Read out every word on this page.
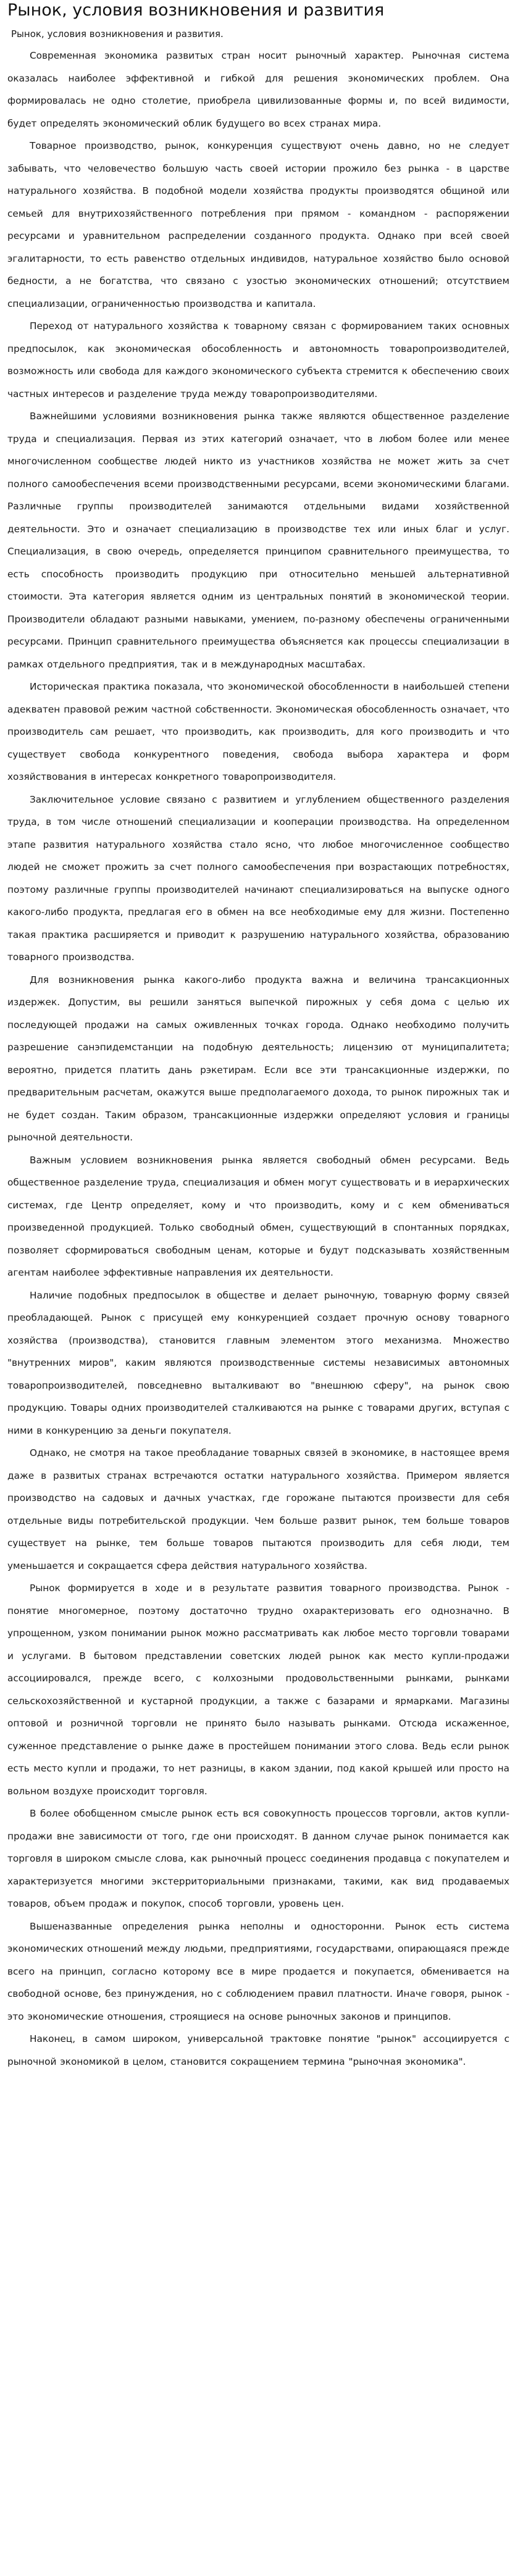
Рынок, условия возникновения и развития

Рынок, условия возникновения и развития.

Современная экономика развитых стран носит рыночный характер. Рыночная система оказалась наиболее эффективной и гибкой для решения экономических проблем. Она формировалась не одно столетие, приобрела цивилизованные формы и, по всей видимости, будет определять экономический облик будущего во всех странах мира.

Товарное производство, рынок, конкуренция существуют очень давно, но не следует забывать, что человечество большую часть своей истории прожило без рынка - в царстве натурального хозяйства. В подобной модели хозяйства продукты производятся общиной или семьей для внутрихозяйственного потребления при прямом - командном - распоряжении ресурсами и уравнительном распределении созданного продукта. Однако при всей своей эгалитарности, то есть равенство отдельных индивидов, натуральное хозяйство было основой бедности, а не богатства, что связано с узостью экономических отношений; отсутствием специализации, ограниченностью производства и капитала.

Переход от натурального хозяйства к товарному связан с формированием таких основных предпосылок, как экономическая обособленность и автономность товаропроизводителей, возможность или свобода для каждого экономического субъекта стремится к обеспечению своих частных интересов и разделение труда между товаропроизводителями.

Важнейшими условиями возникновения рынка также являются общественное разделение труда и специализация. Первая из этих категорий означает, что в любом более или менее многочисленном сообществе людей никто из участников хозяйства не может жить за счет полного самообеспечения всеми производственными ресурсами, всеми экономическими благами. Различные группы производителей занимаются отдельными видами хозяйственной деятельности. Это и означает специализацию в производстве тех или иных благ и услуг. Специализация, в свою очередь, определяется принципом сравнительного преимущества, то есть способность производить продукцию при относительно меньшей альтернативной стоимости. Эта категория является одним из центральных понятий в экономической теории. Производители обладают разными навыками, умением, по-разному обеспечены ограниченными ресурсами. Принцип сравнительного преимущества объясняется как процессы специализации в рамках отдельного предприятия, так и в международных масштабах.

Историческая практика показала, что экономической обособленности в наибольшей степени адекватен правовой режим частной собственности. Экономическая обособленность означает, что производитель сам решает, что производить, как производить, для кого производить и что существует свобода конкурентного поведения, свобода выбора характера и форм хозяйствования в интересах конкретного товаропроизводителя.

Заключительное условие связано с развитием и углублением общественного разделения труда, в том числе отношений специализации и кооперации производства. На определенном этапе развития натурального хозяйства стало ясно, что любое многочисленное сообщество людей не сможет прожить за счет полного самообеспечения при возрастающих потребностях, поэтому различные группы производителей начинают специализироваться на выпуске одного какого-либо продукта, предлагая его в обмен на все необходимые ему для жизни. Постепенно такая практика расширяется и приводит к разрушению натурального хозяйства, образованию товарного производства.

Для возникновения рынка какого-либо продукта важна и величина трансакционных издержек. Допустим, вы решили заняться выпечкой пирожных у себя дома с целью их последующей продажи на самых оживленных точках города. Однако необходимо получить разрешение санэпидемстанции на подобную деятельность; лицензию от муниципалитета; вероятно, придется платить дань рэкетирам. Если все эти трансакционные издержки, по предварительным расчетам, окажутся выше предполагаемого дохода, то рынок пирожных так и не будет создан. Таким образом, трансакционные издержки определяют условия и границы рыночной деятельности.

Важным условием возникновения рынка является свободный обмен ресурсами. Ведь общественное разделение труда, специализация и обмен могут существовать и в иерархических системах, где Центр определяет, кому и что производить, кому и с кем обмениваться произведенной продукцией. Только свободный обмен, существующий в спонтанных порядках, позволяет сформироваться свободным ценам, которые и будут подсказывать хозяйственным агентам наиболее эффективные направления их деятельности.

Наличие подобных предпосылок в обществе и делает рыночную, товарную форму связей преобладающей. Рынок с присущей ему конкуренцией создает прочную основу товарного хозяйства (производства), становится главным элементом этого механизма. Множество "внутренних миров", каким являются производственные системы независимых автономных товаропроизводителей, повседневно выталкивают во "внешнюю сферу", на рынок свою продукцию. Товары одних производителей сталкиваются на рынке с товарами других, вступая с ними в конкуренцию за деньги покупателя.

Однако, не смотря на такое преобладание товарных связей в экономике, в настоящее время даже в развитых странах встречаются остатки натурального хозяйства. Примером является производство на садовых и дачных участках, где горожане пытаются произвести для себя отдельные виды потребительской продукции. Чем больше развит рынок, тем больше товаров существует на рынке, тем больше товаров пытаются производить для себя люди, тем уменьшается и сокращается сфера действия натурального хозяйства.

Рынок формируется в ходе и в результате развития товарного производства. Рынок - понятие многомерное, поэтому достаточно трудно охарактеризовать его однозначно. В упрощенном, узком понимании рынок можно рассматривать как любое место торговли товарами и услугами. В бытовом представлении советских людей рынок как место купли-продажи ассоциировался, прежде всего, с колхозными продовольственными рынками, рынками сельскохозяйственной и кустарной продукции, а также с базарами и ярмарками. Магазины оптовой и розничной торговли не принято было называть рынками. Отсюда искаженное, суженное представление о рынке даже в простейшем понимании этого слова. Ведь если рынок есть место купли и продажи, то нет разницы, в каком здании, под какой крышей или просто на вольном воздухе происходит торговля.

В более обобщенном смысле рынок есть вся совокупность процессов торговли, актов купли-продажи вне зависимости от того, где они происходят. В данном случае рынок понимается как торговля в широком смысле слова, как рыночный процесс соединения продавца с покупателем и характеризуется многими экстерриториальными признаками, такими, как вид продаваемых товаров, объем продаж и покупок, способ торговли, уровень цен.

Вышеназванные определения рынка неполны и односторонни. Рынок есть система экономических отношений между людьми, предприятиями, государствами, опирающаяся прежде всего на принцип, согласно которому все в мире продается и покупается, обменивается на свободной основе, без принуждения, но с соблюдением правил платности. Иначе говоря, рынок - это экономические отношения, строящиеся на основе рыночных законов и принципов.

Наконец, в самом широком, универсальной трактовке понятие "рынок" ассоциируется с рыночной экономикой в целом, становится сокращением термина "рыночная экономика".
